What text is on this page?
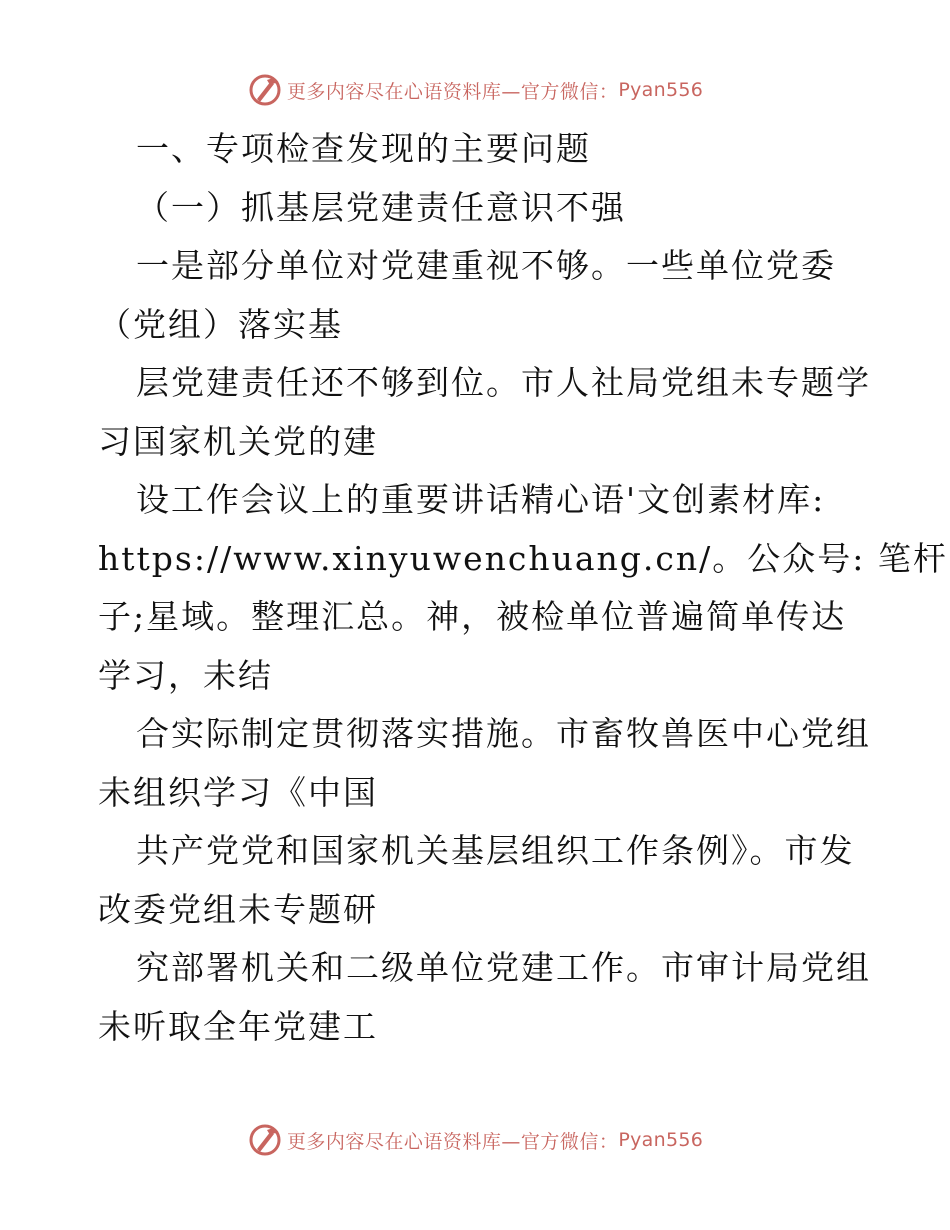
更多内容尽在心语资料库—官方微信： Pyan556
一、专项检查发现的主要问题
（一）抓基层党建责任意识不强
一是部分单位对党建重视不够。一些单位党委
（党组）落实基
层党建责任还不够到位。市人社局党组未专题学
习国家机关党的建
设工作会议上的重要讲话精心语'文创素材库:
https://www.xinyuwenchuang.cn/。公众号: 笔杆
子;星域。整理汇总。神，被检单位普遍简单传达
学习，未结
合实际制定贯彻落实措施。市畜牧兽医中心党组
未组织学习《中国
共产党党和国家机关基层组织工作条例》。市发
改委党组未专题研
究部署机关和二级单位党建工作。市审计局党组
未听取全年党建工
更多内容尽在心语资料库—官方微信： Pyan556
